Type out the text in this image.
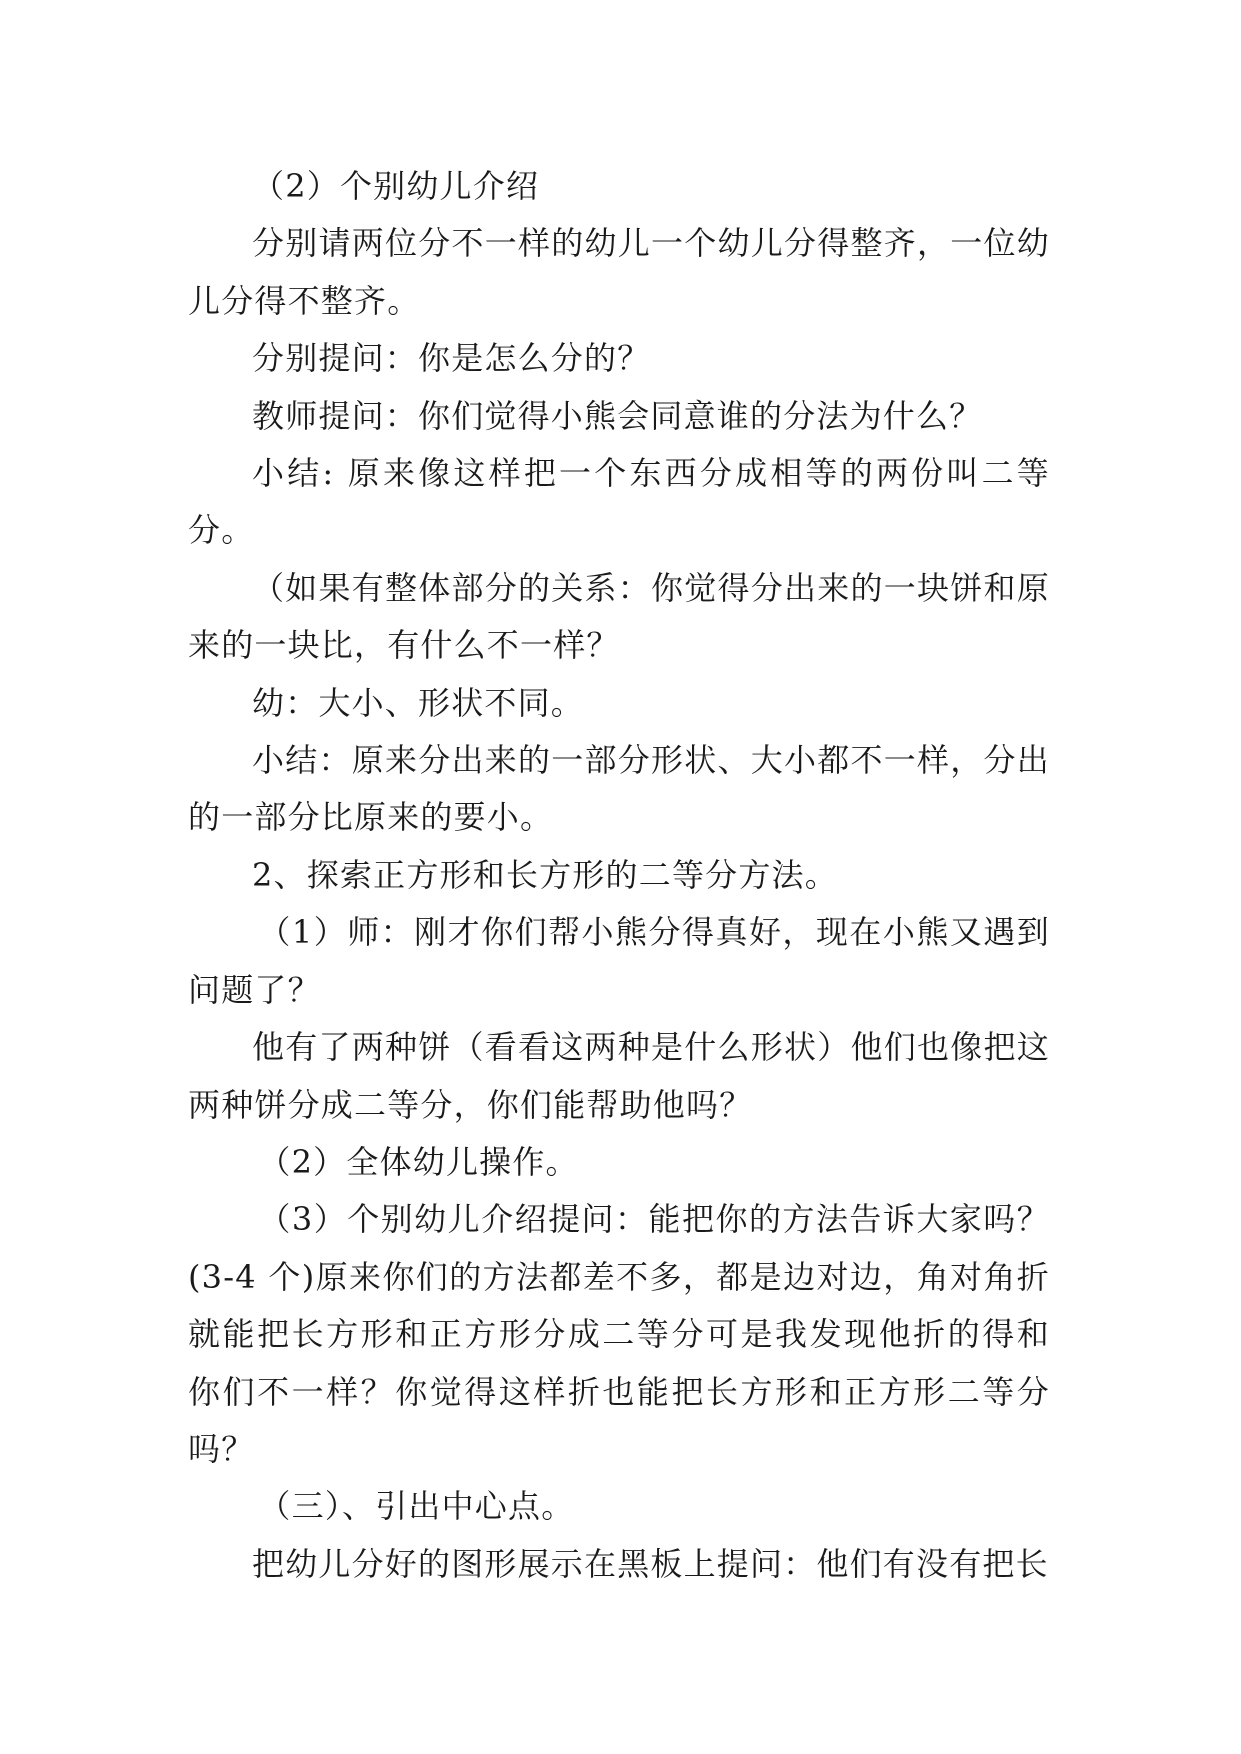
（2）个别幼儿介绍

分别请两位分不一样的幼儿一个幼儿分得整齐，一位幼儿分得不整齐。

分别提问：你是怎么分的？

教师提问：你们觉得小熊会同意谁的分法为什么？

小结: 原来像这样把一个东西分成相等的两份叫二等分。

（如果有整体部分的关系：你觉得分出来的一块饼和原来的一块比，有什么不一样？

幼：大小、形状不同。

小结：原来分出来的一部分形状、大小都不一样，分出的一部分比原来的要小。

2、探索正方形和长方形的二等分方法。

（1）师：刚才你们帮小熊分得真好，现在小熊又遇到问题了？

他有了两种饼（看看这两种是什么形状）他们也像把这两种饼分成二等分，你们能帮助他吗？

（2）全体幼儿操作。

（3）个别幼儿介绍提问：能把你的方法告诉大家吗？(3-4 个)原来你们的方法都差不多，都是边对边，角对角折就能把长方形和正方形分成二等分可是我发现他折的得和你们不一样？你觉得这样折也能把长方形和正方形二等分吗？

（三）、引出中心点。

把幼儿分好的图形展示在黑板上提问：他们有没有把长
